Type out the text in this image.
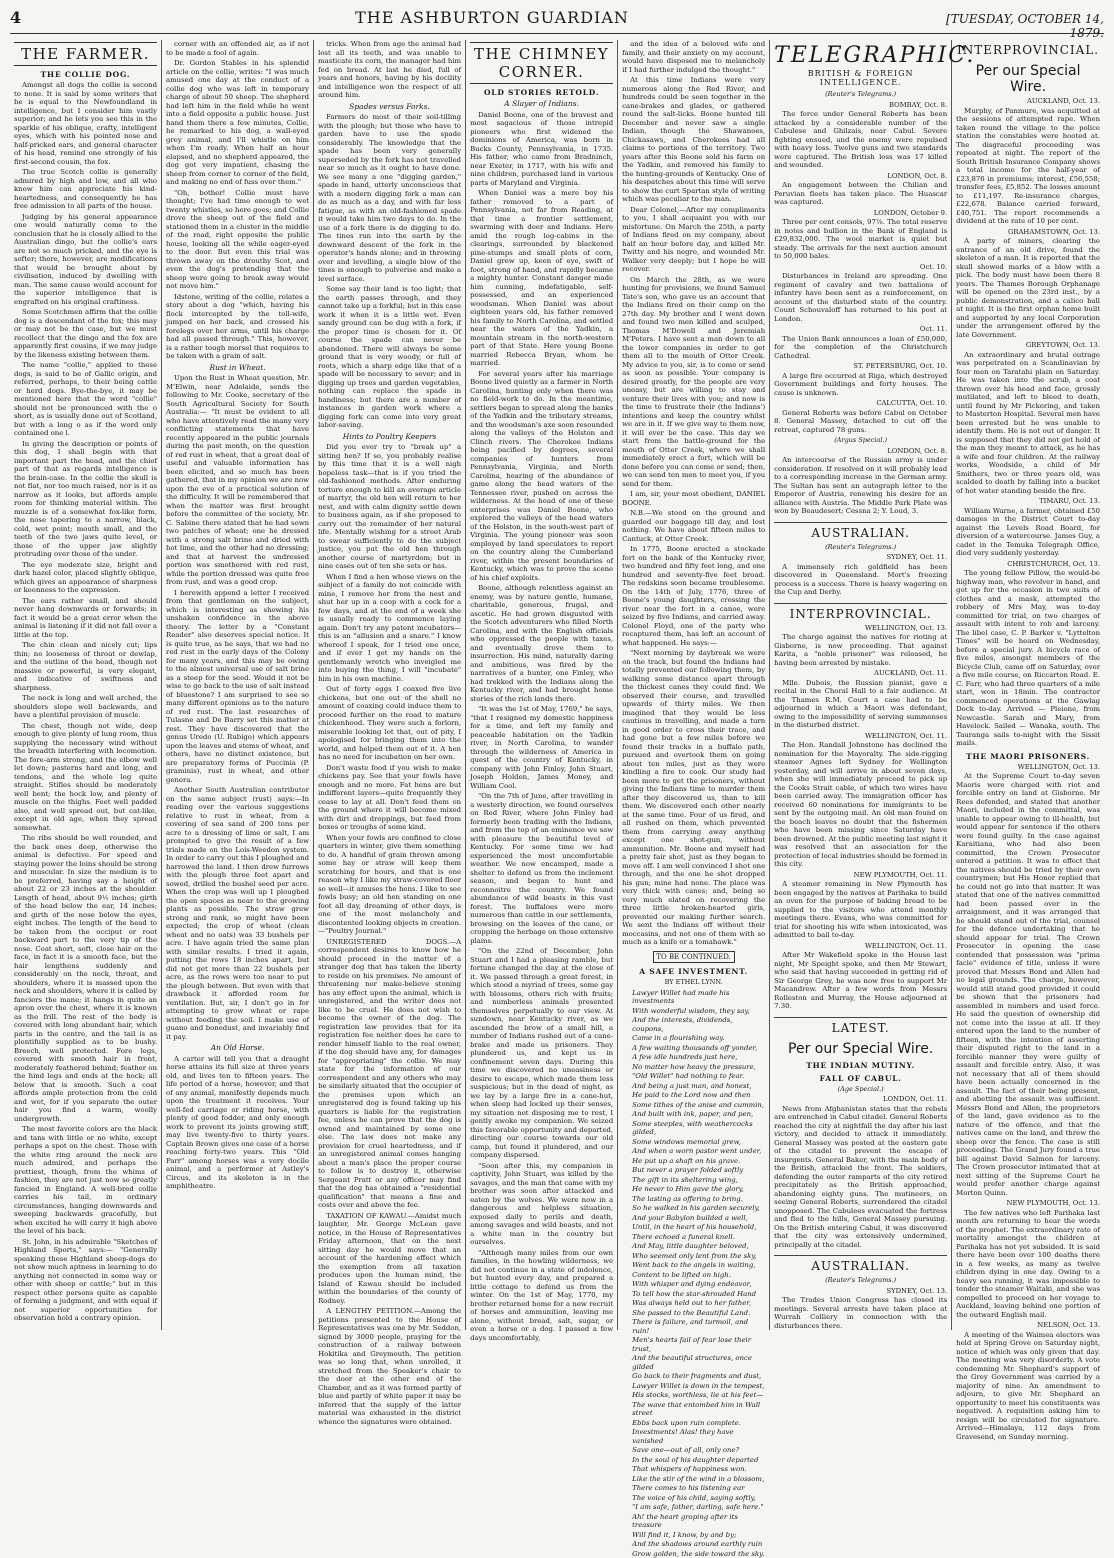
4	THE ASHBURTON GUARDIAN	[TUESDAY, OCTOBER 14, 1879.
THE FARMER.
THE COLLIE DOG.

Amongst all dogs the collie is second to none. It is said by some writers that he is equal to the Newfoundland in intelligence, but I consider him vastly superior; and he lets you see this in the sparkle of his oblique, crafty, intelligent eyes, which with his pointed nose and half-pricked ears, and general character of his head, remind one strongly of his first-second cousin, the fox.

The true Scotch collie is generally admired by high and low, and all who know him can appreciate his kind-heartedness, and consequently he has free admission to all parts of the house.

Judging by his general appearance one would naturally come to the conclusion that he is closely allied to the Australian dingo, but the collie's ears are not so much pricked, and the eye is softer; there, however, are modifications that would be brought about by civilisation, induced by dwelling with man. The same cause would account for the superior intelligence that is engrafted on his original craftiness.

Some Scotchmen affirm that the collie dog is a descendant of the fox; this may or may not be the case, but we must recollect that the dingo and the fox are apparently first cousins, if we may judge by the likeness existing between them.

The name "collie," applied to these dogs, is said to be of Gallic origin, and referred, perhaps, to their being cattle or herd dogs. Bye-the-bye, it may be mentioned here that the word "collie" should not be pronounced with the o short, as is usually done out of Scotland, but with a long o as if the word only contained one l.

In giving the description or points of this dog, I shall begin with that important part the head, and the chief part of that as regards intelligence is the brain-case. In the collie the skull is not flat, nor too much raised, nor is it as narrow as it looks, but affords ample room for thinking material within. The muzzle is of a somewhat fox-like form, the nose tapering to a narrow, black, cold, wet point; mouth small, and the teeth of the two jaws quite level, or those of the upper jaw slightly protruding over those of the under.

The eye moderate size, bright and dark hazel color, placed slightly oblique, which gives an appearance of sharpness or keenness to the expression.

The ears rather small, and should never hang downwards or forwards; in fact it would be a great error when the animal is listening if it did not fall over a little at the top.

The chin clean and nicely cut; lips thin; no looseness of throat or dewlap, and the outline of the head, though not massive or powerful, is very elegant, and indicative of swiftness and sharpness.

The neck is long and well arched, the shoulders slope well backwards, and have a plentiful provision of muscle.

The chest, though not wide, deep enough to give plenty of lung room, thus supplying the necessary wind without the breadth interfering with locomotion. The fore-arm strong, and the elbow well let down; pasterns hard and long, and tendons, and the whole leg quite straight. Stifles should be moderately well bent; the hock low, and plenty of muscle on the thighs. Feet well padded also, and well spread out, but cat-like, except in old age, when they spread somewhat.

The ribs should be well rounded, and the back ones deep, otherwise the animal is defective. For speed and staying power the loins should be strong and muscular. In size the medium is to be preferred, having say a height of about 22 or 23 inches at the shoulder. Length of head, about 9½ inches; girth of the head below the ear, 14 inches; and girth of the nose below the eyes, eight inches. The length of the head to be taken from the occiput or root backward part to the very tip of the nose. Coat short, soft, close hair on the face, in fact it is a smooth face, but the hair lengthens suddenly and considerably on the neck, throat, and shoulders, where it is massed upon the neck and shoulders, where it is called by fanciers the mane; it hangs in quite an apron over the chest, where it is known as the frill. The rest of the body is covered with long abundant hair, which parts in the centre, and the tail is as plentifully supplied as to be bushy. Breech, well protected. Fore legs, covered with smooth hair in front, moderately feathered behind; feather on the hind legs and ends at the hock; all below that is smooth. Such a coat affords ample protection from the cold and wet, for if you separate the outer hair you find a warm, woolly undergrowth.

The most favorite colors are the black and tans with little or no white, except perhaps a spot on the chest. Those with the white ring around the neck are much admired, and perhaps the prettiest, though, from the whims of fashion, they are not just now so greatly fancied in England. A well-bred collie carries his tail, in ordinary circumstances, hanging downwards and sweeping backwards gracefully, but when excited he will carry it high above the level of his back.

St. John, in his admirable "Sketches of Highland Sports," says:— "Generally speaking these Highland sheep-dogs do not show much aptness in learning to do anything not connected in some way or other with sheep or cattle;" but in this respect other persons quite as capable of forming a judgment, and with equal if not superior opportunities for observation hold a contrary opinion.

corner with an offended air, as if not to be made a fool of again.

Dr. Gordon Stables in his splendid article on the collie, writes: "I was much amused one day at the conduct of a collie dog who was left in temporary charge of about 50 sheep. The shepherd had left him in the field while he went into a field opposite a public house. Just hand them there a few minutes, Collie, he remarked to his dog, a wall-eyed grey animal, and I'll whistle on him when I'm ready. When half an hour elapsed, and no shepherd appeared, the dog got very impatient, chasing the sheep from corner to corner of the field, and making no end of fuss over them."

"Oh, bother! Collie must have thought; I've had time enough to wet twenty whistles, so here goes; and Collie drove the sheep out of the field and stationed them in a cluster in the middle of the road, right opposite the public house, looking all the while eager-eyed to the door. But even this trial was thrown away on the drouthy Scot, and even the dog's pretending that the sheep were going to break away would not move him."

Idstone, writing of the collie, relates a story about a dog "which, having his flock intercepted by the toll-wife, jumped on her back, and crossed his forelegs over her arms, until his charge had all passed through." This, however, is a rather tough morsel that requires to be taken with a grain of salt.

Rust in Wheat.

Upon the Rust in Wheat question, Mr. M'Elwin, near Adelaide, sends the following to Mr. Cooke, secretary of the South Agricultural Society for South Australia:— "It must be evident to all who have attentively read the many very conflicting statements that have recently appeared in the public journals during the past month, on the question of red rust in wheat, that a great deal of useful and valuable information has been elicited, and so much has been gathered, that in my opinion we are now upon the eve of a practical solution of the difficulty. It will be remembered that when the matter was first brought before the committee of the society, Mr. C. Sabine there stated that he had sown two patches of wheat; one he dressed with a strong salt brine and dried with hot lime, and the other had no dressing; and that at harvest the undressed portion was smothered with red rust, while the portion dressed was quite free from rust, and was a good crop.

I herewith append a letter I received from that gentleman on the subject, which is interesting as showing his unshaken confidence in the above theory. The letter by a "Constant Reader" also deserves special notice. It is quite true, as he says, that we had no red rust in the early days of the Colony for many years, and this may be owing to the almost universal use of salt brine as a steep for the seed. Would it not be wise to go back to the use of salt instead of bluestone? I am surprised to see so many different opinions as to the nature of red rust. The last researches of Tulasne and De Barry set this matter at rest. They have discovered that the genus Uredo (U. Rubigo) which appears upon the leaves and stems of wheat, and others, have no distinct existence, but are preparatory forms of Puccinia (P. graminis), rust in wheat, and other genera.

Another South Australian contributor on the same subject (rust) says:—In reading over the various suggestions relative to rust in wheat, from a covering of sea sand of 200 tons per acre to a dressing of lime or salt, I am prompted to give the result of a few trials made on the Lois-Weedon system. In order to carry out this I ploughed and harrowed the land. I then drew furrows with the plough three feet apart and sowed, drilled the bushel seed per acre. When the crop was well up I ploughed the open spaces as near to the growing plants as possible. The straw grew strong and rank, so might have been expected; the crop of wheat (clean wheat and no oats) was 33 bushels per acre. I have again tried the same plan with similar results. I tried it again, putting the rows 18 inches apart, but did not get more than 22 bushels per acre, as the rows were too near to put the plough between. But even with that drawback it afforded room for ventilation. But, sir, I don't go in for attempting to grow wheat or rape without feeding the soil. I make use of guano and bonedust, and invariably find it pay.

An Old Horse.

A carter will tell you that a draught horse attains its full size at three years old, and lives ten to fifteen years. The life period of a horse, however, and that of any animal, manifestly depends much upon the treatment it receives. Your well-fed carriage or riding horse, with plenty of good fodder, and only enough work to prevent its joints growing stiff, may live twenty-five to thirty years. Captain Brown gives one case of a horse reaching forty-two years. This "Old Parr" among horses was a very docile animal, and a performer at Astley's Circus, and its skeleton is in the amphitheatre.

tricks. When from age the animal had lost all its teeth, and was unable to masticate its corn, the manager had him fed on bread. At last he died, full of years and honors, having by his docility and intelligence won the respect of all around him.

Spades versus Forks.

Farmers do most of their soil-tilling with the plough; but those who have to garden have to use the spade considerably. The knowledge that the spade has been very generally superseded by the fork has not travelled near so much as it ought to have done. We see many a one "digging garden," spade in hand, utterly unconscious that with a modern digging fork a man can do as much as a day, and with far less fatigue, as with an old-fashioned spade it would take him two days to do. In the use of a fork there is do digging to do. The tines run into the earth by the downward descent of the fork in the operator's hands alone; and in throwing over and levelling, a single blow of the tines is enough to pulverise and make a level surface.

Some say their land is too light; that the earth passes through, and they cannot take up a forkful; but in this case work it when it is a little wet. Even sandy ground can be dug with a fork, if the proper time is chosen for it. Of course the spade can never be abandoned. There will always be some ground that is very woody, or full of roots, which a sharp edge like that of a spade will be necessary to sever; and in digging up trees and garden vegetables, nothing can replace the spade in handiness; but there are a number of instances in garden work where a digging fork can come into very great labor-saving.

Hints to Poultry Keepers

Did you ever try to "break up" a sitting hen? If so, you probably realise by this time that it is a well nigh hopeless task—that is if you tried the old-fashioned methods. After enduring torture enough to kill an average article of martyr, the old hen will return to her nest, and with calm dignity settle down to business again, as if she proposed to carry out the remainder of her natural life. Mentally wishing for a street Arab to swear sufficiently to do the subject justice, you put the old hen through another course of martyrdom; but in nine cases out of ten she sets or has.

When I find a hen whose views on the subject of a family do not coincide with mine, I remove her from the nest and shut her up in a coop with a cock for a few days, and at the end of a week she is usually ready to commence laying again. Don't try any patent incubators—this is an "allusion and a snare." I know whereof I speak, for I tried one once, and if ever I get my hands on the gentlemanly wretch who inveigled me into buying the thing, I will "incubate" him in his own machine.

Out of forty eggs I coaxed five live chickens, but one out of the shell no amount of coaxing could induce them to proceed further on the road to mature chickenhood. They were such a forlorn, miserable looking lot that, out of pity, I apologised for bringing them into the world, and helped them out of it. A hen has no need for incubation on her own.

Don't waste food if you wish to make chickens pay. See that your fowls have enough and no more. Fat hens are but indifferent layers—quite frequently they cease to lay at all. Don't feed them on the ground where it will become mixed with dirt and droppings, but feed from boxes or troughs of some kind.

When your fowls are confined to close quarters in winter, give them something to do. A handful of grain thrown among some hay or straw will keep them scratching for hours, and that is one reason why I like my straw-covered floor so well—it amuses the hens. I like to see fowls busy; an old hen standing on one foot all day, dreaming of other days, is one of the most melancholy and discontented looking objects in creation.—"Poultry Journal."

UNREGISTERED DOGS.—A correspondent desires to know how he should proceed in the matter of a stranger dog that has taken the liberty to reside on his premises. No amount of threatening nor make-believe stoning has any effect upon the animal, which is unregistered, and the writer does not like to be cruel. He does not wish to become the owner of the dog. The registration law provides that for its registration fee neither does he care to render himself liable to the real owner, if the dog should have any, for damages for "appropriating" the collie. We may state for the information of our correspondent and any others who may be similarly situated that the occupier of the premises upon which an unregistered dog is found taking up his quarters is liable for the registration fee, unless he can prove that the dog is owned and maintained by some one else. The law does not make any provision for cruel heartedness, and if an unregistered animal comes hanging about a man's place the proper course to follow is to destroy it, otherwise Sergeant Pratt or any officer may find that the dog has obtained a "residential qualification" that means a fine and costs over and above the fee.

TAXATION OF KAWAU.—Amidst much laughter, Mr. George McLean gave notice, in the House of Representatives Friday afternoon, that on the next sitting day he would move that an account of the hardening effect which the exemption from all taxation produces upon the human mind, the Island of Kawau should be included within the boundaries of the county of Rodney.

A LENGTHY PETITION.—Among the petitions presented to the House of Representatives was one by Mr. Seddon, signed by 3000 people, praying for the construction of a railway between Hokitika and Greymouth. The petition was so long that, when unrolled, it stretched from the Speaker's chair to the door at the other end of the Chamber, and as it was formed partly of blue and partly of white paper it may be inferred that the supply of the latter material was exhausted in the district whence the signatures were obtained.

THE CHIMNEY CORNER.
OLD STORIES RETOLD.
A Slayer of Indians.

Daniel Boone, one of the bravest and most sagacious of those intrepid pioneers who first widened the dominions of America, was born in Bucks County, Pennsylvania, in 1735. His father, who came from Bradninch, near Exeter, in 1717, with his wife and nine children, purchased land in various parts of Maryland and Virginia.

When Daniel was a mere boy his father removed to a part of Pennsylvania, not far from Reading, at that time a frontier settlement, swarming with deer and Indians. Here amid the rough log-cabins in the clearings, surrounded by blackened pine-stumps and small plots of corn, Daniel grew up, keen of eye, swift of foot, strong of hand, and rapidly became a mighty hunter. Constant danger made him cunning, indefatigable, self-possessed, and an experienced woodsman. When Daniel was about eighteen years old, his father removed his family to North Carolina, and settled near the waters of the Yadkin, a mountain stream in the north-western part of that State. Here young Boone married Rebecca Bryan, whom he married.

For several years after his marriage Boone lived quietly as a farmer in North Carolina, hunting only when there was no field-work to do. In the meantime, settlers began to spread along the banks of the Yadkin and the tributary streams, and the woodsman's axe soon resounded along the valleys of the Holston and Clinch rivers. The Cherokee Indians being pacified by degrees, several companies of hunters from Pennsylvania, Virginia, and North Carolina, hearing of the abundance of game along the head waters of the Tennessee river, pushed on across the wilderness. At the head of one of these enterprises was Daniel Boone, who explored the valleys of the head waters of the Holston, in the south-west part of Virginia. The young pioneer was soon employed by land speculators to report on the country along the Cumberland river, within the present boundaries of Kentucky, which was to prove the scene of his chief exploits.

Boone, although relentless against an enemy, was by nature gentle, humane, charitable, generous, frugal, and ascetic. He had grown disgusted with the Scotch adventurers who filled North Carolina, and with the English officials who oppressed the people with taxes, and eventually drove them to insurrection. His mind, naturally daring and ambitious, was fired by the narratives of a hunter, one Finley, who had trekked with the Indians along the Kentucky river, and had brought home stories of the rich lands there.

"It was the 1st of May, 1769," he says, "that I resigned my domestic happiness for a time, and left my family and peaceable habitation on the Yadkin river, in North Carolina, to wander through the wilderness of America in quest of the country of Kentucky, in company with John Finley, John Stuart, Joseph Holden, James Money, and William Cool.

"On the 7th of June, after travelling in a westerly direction, we found ourselves on Red River, where John Finley had formerly been trading with the Indians, and from the top of an eminence we saw with pleasure the beautiful level of Kentucky. For some time we had experienced the most uncomfortable weather. We now encamped, made a shelter to defend us from the inclement season, and began to hunt and reconnoitre the country. We found abundance of wild beasts in this vast forest. The buffaloes were more numerous than cattle in our settlements, browsing on the leaves of the cane, or cropping the herbage on those extensive plains.

"On the 22nd of December, John Stuart and I had a pleasing ramble, but fortune changed the day at the close of it. We passed through a great forest, in which stood a myriad of trees, some gay with blossoms, others rich with fruits; and numberless animals presented themselves perpetually to our view. At sundown, near Kentucky river, as we ascended the brow of a small hill, a number of Indians rushed out of a cane-brake and made us prisoners. They plundered us, and kept us in confinement seven days. During this time we discovered no uneasiness or desire to escape, which made them less suspicious; but in the dead of night, as we lay by a large fire in a cane-hut, when sleep had locked up their senses, my situation not disposing me to rest, I gently awoke my companion. We seized this favorable opportunity and departed, directing our course towards our old camp, but found it plundered, and our company dispersed.

"Soon after this, my companion in captivity, John Stuart, was killed by the savages, and the man that came with my brother was soon after attacked and eaten by the wolves. We were now in a dangerous and helpless situation, exposed daily to perils and death, among savages and wild beasts, and not a white man in the country but ourselves.

"Although many miles from our own families, in the howling wilderness, we did not continue in a state of indolence, but hunted every day, and prepared a little cottage to defend us from the winter. On the 1st of May, 1770, my brother returned home for a new recruit of horses and ammunition, leaving me alone, without bread, salt, sugar, or even a horse or a dog. I passed a few days uncomfortably,

and the idea of a beloved wife and family, and their anxiety on my account, would have disposed me to melancholy if I had further indulged the thought."

At this time Indians were very numerous along the Red River, and hundreds could be seen together in the cane-brakes and glades, or gathered round the salt-licks. Boone hunted till December and never saw a single Indian, though the Shawanoes, Chickasaws, and Cherokees had all claims to portions of the territory. Two years after this Boone sold his farm on the Yadkin, and removed his family to the hunting-grounds of Kentucky. One of his despatches about this time will serve to show the curt Spartan style of writing which was peculiar to the man.

Dear Colonel,—After my compliments to you, I shall acquaint you with our misfortune. On March the 25th, a party of Indians fired on my company, about half an hour before day, and killed Mr. Twitty and his negro, and wounded Mr. Walker very deeply; but I hope he will recover.

On March the 28th, as we were hunting for provisions, we found Samuel Tate's son, who gave us an account that the Indians fired on their camp on the 27th day. My brother and I went down and found two men killed and sculped, Thomas M'Dowell and Jeremiah M'Peters. I have sent a man down to all the lower companies in order to get them all to the mouth of Otter Creek. My advice to you, sir, is to come or send as soon as possible. Your company is desired greatly, for the people are very uneasy, but are willing to stay and venture their lives with you; and now is the time to frustrate their (the Indians') intentions and keep the country whilst we are in it. If we give way to them now, it will ever be the case. This day we start from the battle-ground for the mouth of Otter Creek, where we shall immediately erect a fort, which will be done before you can come or send; then, we can send ten men to meet you, if you send for them.

I am, sir, your most obedient, DANIEL BOONE.

N.B.—We stood on the ground and guarded our baggage till day, and lost nothing. We have about fifteen miles to Cantuck, at Otter Creek.

In 1775, Boone erected a stockade fort on the bank of the Kentucky river, two hundred and fifty feet long, and one hundred and seventy-five feet broad. The redskins soon became troublesome. On the 14th of July, 1776, three of Boone's young daughters, crossing the river near the fort in a canoe, were seized by five Indians, and carried away. Colonel Floyd, one of the party who recaptured them, has left an account of what happened. He says:—

"Next morning by daybreak we were on the track, but found the Indians had totally prevented our following them, by walking some distance apart through the thickest canes they could find. We observed their course, and travelled upwards of thirty miles. We then imagined that they would be less cautious in travelling, and made a turn in good order to cross their trace, and had gone but a few miles before we found their tracks in a buffalo path, pursued and overtook them on going about ten miles, just as they were kindling a fire to cook. Our study had been more to get the prisoners, without giving the Indians time to murder them after they discovered us, than to kill them. We discovered each other nearly at the same time. Four of us fired, and all rushed on them, which prevented them from carrying away anything except one shot-gun, without ammunition. Mr. Boone and myself had a pretty fair shot, just as they began to move off. I am well convinced I shot one through, and the one he shot dropped his gun; mine had none. The place was very thick with canes; and, being so very much elated on recovering the three little broken-hearted girls, prevented our making further search. We sent the Indians off without their moccasins, and not one of them with so much as a knife or a tomahawk."

TO BE CONTINUED.
A SAFE INVESTMENT.
BY ETHEL LYNN.

Lawyer Willet had made his investments

With wonderful wisdom, they say,

And the interests, dividends, coupons,

Came in a flourishing way.

A few waiting thousands off yonder,

A few idle hundreds just here,

No matter how heavy the pressure,

"Old Willet" had nothing to fear.

And being a just man, and honest,

He paid to the Lord now and then

Some tithes of the anise and cummin,

And built with ink, paper, and pen,

Some steeples, with weathercocks gilded,

Some windows memorial grew,

And when a worn pastor went under,

He put up a shaft on his grave.

But never a prayer folded softly

The gift in its sheltering wing,

He never to Him gave the glory,

The lasting as offering to bring.

So he walked in his garden securely,

And your Babylon builded a well,

Until, in the heart of his household,

There echoed a funeral knell.

And May, little daughter beloved,

Who seemed only lent from the sky,

Went back to the angels in waiting,

Content to be lifted on high.

With whisper and dying endeavor,

To tell how the star-shrouded Hand

Was always held out to her father,

She passed to the Beautiful Land.

There is failure, and turmoil, and ruin!

Men's hearts fail of fear lose their trust,

And the beautiful structures, once gilded

Go back to their fragments and dust,

Lawyer Willet is down in the tempest,

His stocks, worthless, lie at his feet—

The wave that entombed him in Wall street

Ebbs back upon ruin complete.

Investments! Alas! they have vanished

Save one—out of all, only one?

In the soul of his daughter departed

That whispers of happiness won.

Like the stir of the wind in a blossom,

There comes to his listening ear

The voice of his child, saying softly,

"I am safe, father, darling, safe here."

Ah! the heart groping after its treasure

Will find it, I know, by and by;

And the shadows around earthly ruin

Grow golden, the side toward the sky.

TELEGRAPHIC.
BRITISH & FOREIGN INTELLIGENCE.
(Reuter's Telegrams.)
BOMBAY, Oct. 8.

The force under General Roberts has been attacked by a considerable number of the Cabulese and Ghilzais, near Cabul. Severe fighting ensued, and the enemy were repulsed with heavy loss. Twelve guns and two standards were captured. The British loss was 17 killed and wounded.

LONDON, Oct. 8.

An engagement between the Chilian and Peruvian fleets has taken place. The Huascar was captured.

LONDON, October 9.

Three per cent consols, 97⅞. The total reserve in notes and bullion in the Bank of England is £29,832,000. The wool market is quiet but steady. The arrivals for the next auction amount to 50,000 bales.

Oct. 10.

Disturbances in Ireland are spreading. One regiment of cavalry and two battalions of infantry have been sent as a reinforcement, on account of the disturbed state of the country. Count Schouvaloff has returned to his post at London.

Oct. 11.

The Union Bank announces a loan of £50,000, for the completion of the Christchurch Cathedral.

ST. PETERSBURG, Oct. 10.

A large fire occurred at Riga, which destroyed Government buildings and forty houses. The cause is unknown.

CALCUTTA, Oct. 10.

General Roberts was before Cabul on October 8. General Massey, detached to cut off the retreat, captured 78 guns.

(Argus Special.)
LONDON, Oct. 8.

An intercourse of the Russian army is under consideration. If resolved on it will probably lead to a corresponding increase in the German army. The Sultan has sent an autograph letter to the Emperor of Austria, renewing his desire for an alliance with Austria. The Middle Park Plate was won by Beaudesert; Cessna 2; Y. Loud, 3.

AUSTRALIAN.
(Reuter's Telegrams.)
SYDNEY, Oct. 11.

A immensely rich goldfield has been discovered in Queensland. Mort's freezing process is a success. There is heavy wagering on the Cup and Derby.

INTERPROVINCIAL.
WELLINGTON, Oct. 13.

The charge against the natives for rioting at Gisborne, is now proceeding. That against Karita, a "noble prisoner" was released, he having been arrested by mistake.

AUCKLAND, Oct. 11.

Mlle. Dubois, the Russian pianist, gave a recital in the Choral Hall to a fair audience. At the Thames R.M. Court a case had to be adjourned in which a Maori was defendant, owing to the impossibility of serving summonses in the disturbed district.

WELLINGTON, Oct. 11.

The Hon. Randall Johnstone has declined the nomination for the Mayoralty. The side-rigging steamer Agnes left Sydney for Wellington yesterday, and will arrive in about seven days, when she will immediately proceed to pick up the Cooks Strait cable, of which two wires have been carried away. The immigration officer has received 60 nominations for immigrants to be sent by the outgoing mail. An old man found on the beach leaves no doubt that the fishermen who have been missing since Saturday have been drowned. At the public meeting last night it was resolved that an association for the protection of local industries should be formed in this city.

NEW PLYMOUTH, Oct. 11.

A steamer remaining in New Plymouth has been engaged by the natives at Parihaka to build an oven for the purpose of baking bread to be supplied to the visitors who attend monthly meetings there. Evans, who was committed for trial for shooting his wife when intoxicated, was admitted to bail to-day.

WELLINGTON, Oct. 11.

After Mr Wakefield spoke in the House last night, Mr Speight spoke, and then Mr Stewart, who said that having succeeded in getting rid of Sir George Grey, he was now free to support Mr Macandrew. After a few words from Messrs Rolleston and Murray, the House adjourned at 7.30.

LATEST.
Per our Special Wire.
THE INDIAN MUTINY.
FALL OF CABUL.
(Age Special.)
LONDON, Oct. 11.

News from Afghanistan states that the rebels are entrenched in Cabul citadel. General Roberts reached the city at nightfall the day after his last victory, and decided to attack it immediately. General Massey was posted at the eastern gate of the citadel to prevent the escape of insurgents. General Baker, with the main body of the British, attacked the front. The soldiers, defending the outer ramparts of the city retired precipitately as the British approached, abandoning eighty guns. The mutineers, on seeing General Roberts, surrendered the citadel unopposed. The Cabulees evacuated the fortress and fled to the hills, General Massey pursuing. On the British entering Cabul, it was discovered that the city was extensively undermined, principally at the citadel.

AUSTRALIAN.
(Reuter's Telegrams.)
SYDNEY, Oct. 13.

The Trades Union Congress has closed its meetings. Several arrests have taken place at Wurrah Colliery in connection with the disturbances there.

INTERPROVINCIAL.
Per our Special Wire.
AUCKLAND, Oct. 13.

Murphy, of Panmure, was acquitted at the sessions of attempted rape. When taken round the village to the police station the constables were hooted at. The disgraceful proceeding was repeated at night. The report of the South British Insurance Company shows a total income for the half-year of £23,876 in premiums; interest, £56,558; transfer fees, £5,852. The losses amount to £11,197. Re-insurance charges, £22,678. Balance carried forward, £40,751. The report recommends a dividend at the rate of 10 per cent.

GRAHAMSTOWN, Oct. 13.

A party of miners, clearing the entrance of an old drive, found the skeleton of a man. It is reported that the skull showed marks of a blow with a pick. The body must have been there 8 years. The Thames Borough Orphanage will be opened on the 23rd inst., by a public demonstration, and a calico ball at night. It is the first orphan home built and supported by any local Corporation under the arrangement offered by the late Government.

GREYTOWN, Oct. 13.

An extraordinary and brutal outrage was perpetrated on a Scandinavian by four men on Taratahi plain on Saturday. He was taken into the scrub, a coat thrown over his head and face, grossly mutilated, and left to bleed to death, until found by Mr Pickering, and taken to Masterton Hospital. Several men have been arrested but he was unable to identify them. He is not out of danger. It is supposed that they did not get hold of the man they meant to attack, as he has a wife and four children. At the railway works, Woodside, a child of Mr Smithers, two or three years old, was scalded to death by falling into a bucket of hot water standing beside the fire.

TIMARU, Oct. 13.

William Warne, a farmer, obtained £50 damages in the District Court to-day against the Levels Road Board, for diversion of a watercourse. James Guy, a cadet in the Temuka Telegraph Office, died very suddenly yesterday.

CHRISTCHURCH, Oct. 13.

The young fellow Pillow, the would-be highway man, who revolver in hand, and got up for the occasion in two suits of clothes and a mask, attempted the robbery of Mrs May, was to-day committed for trial, on two charges of assault with intent to rob and larceny. The libel case, C. P. Barker v. "Lyttelton Times" will be heard on Wednesday, before a special jury. A bicycle race of five miles, amongst members of the Bicycle Club, came off on Saturday, over a five mile course, on Riccarton Road. E. C. Farr, who had three quarters of a mile start, won in 18min. The contractor commenced operations at the Gawlag Dock to-day. Arrived — Pleione, from Newcastle. Sarah and Mary, from Havelock. Sailed — Wanaka, south. The Tauranga sails to-night with the Sissit mails.

THE MAORI PRISONERS.
WELLINGTON, Oct. 13.

At the Supreme Court to-day seven Maoris were charged with riot and forcible entry on land at Gisborne. Mr Rees defended, and stated that another Maori, included in the committal, was unable to appear owing to ill-health, but would appear for sentence if the others were found guilty. In the case against Karaitiana, who had also been committed, the Crown Prosecutor entered a petition. It was to effect that the natives should be tried by their own countrymen; but His Honor replied that he could not go into that matter. It was stated that one of the natives committed had been passed over in the arraignment, and it was arranged that he should stand out of the trial, counsel for the defence undertaking that he should appear for trial. The Crown Prosecutor in opening the case contended that possession was "prima facie" evidence of title, unless it were proved that Messrs Bond and Allen had no legal grounds. The charge, however, would still stand good provided it could be shown that the prisoners had assembled in numbers and used force. He said the question of ownership did not come into the issue at all. If they entered upon the land to the number of fifteen, with the intention of asserting their disputed right to the land in a forcible manner they were guilty of assault and forcible entry. Also, it was not necessary that all of them should have been actually concerned in the assault. The fact of their being present, and abetting the assault was sufficient. Messrs Bond and Allen, the proprietors of the land, gave evidence as to the nature of the offence, and that the natives came on the land, and threw the sheep over the fence. The case is still proceeding. The Grand Jury found a true bill against David Salmon for larceny. The Crown prosecutor intimated that at next sitting of the Supreme Court he would prefer another charge against Morton Quinn.

NEW PLYMOUTH, Oct. 13.

The few natives who left Parihaka last month are returning to hear the words of the prophet. The extraordinary rate of mortality amongst the children at Parihaka has not yet subsided. It is said there have been over 100 deaths there in a few weeks, as many as twelve children dying in one day. Owing to a heavy sea running, it was impossible to tender the steamer Waitaki, and she was compelled to proceed on her voyage to Auckland, leaving behind one portion of the outward English mail.

NELSON, Oct. 13.

A meeting of the Waimea electors was held at Spring Grove on Saturday night, notice of which was only given that day. The meeting was very disorderly. A vote condemning Mr. Shephard's support of the Grey Government was carried by a majority of nine. An amendment to adjourn, to give Mr. Shephard an opportunity to meet his constituents was negatived. A requisition asking him to resign will be circulated for signature. Arrived—Himalaya, 112 days from Gravesend, on Sunday morning.
